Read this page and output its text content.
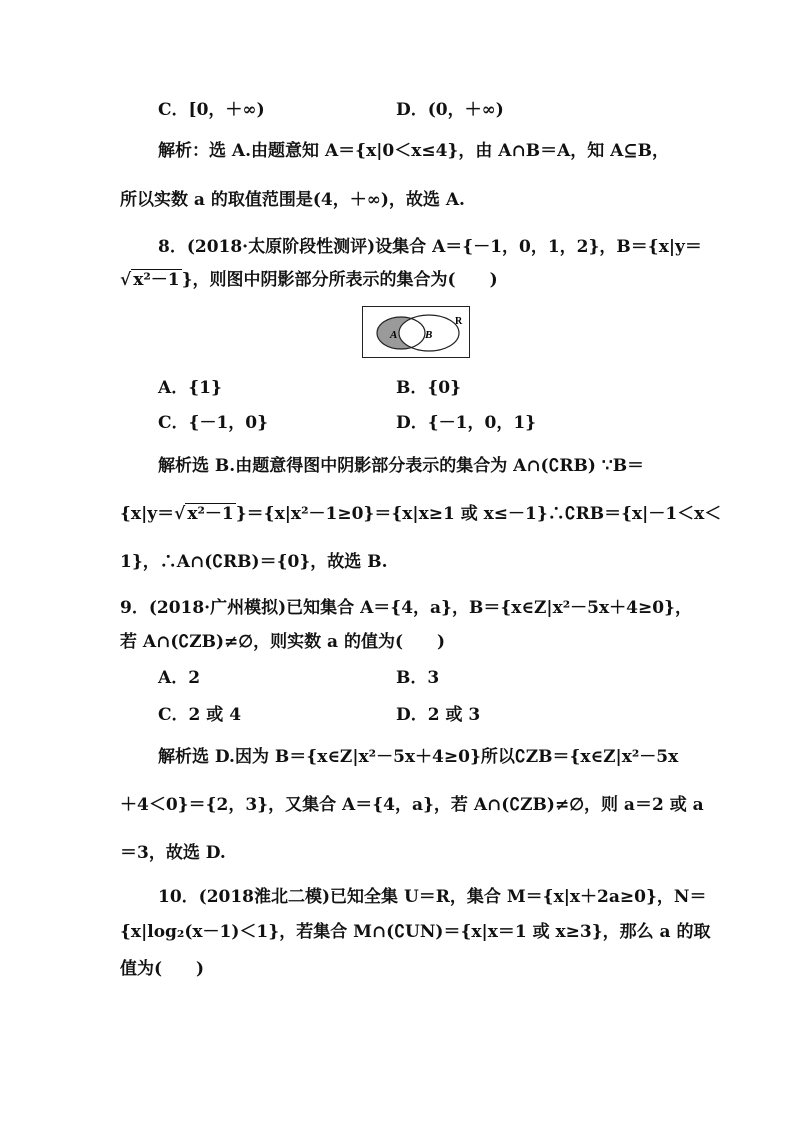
C．[0，＋∞)	D．(0，＋∞)
解析：选 A.由题意知 A＝{x|0＜x≤4}，由 A∩B＝A，知 A⊆B，
所以实数 a 的取值范围是(4，＋∞)，故选 A.
8．(2018·太原阶段性测评)设集合 A＝{－1，0，1，2}，B＝{x|y＝
√ x²－1 }，则图中阴影部分所表示的集合为(　　)
A	B
R
A．{1}	B．{0}
C．{－1，0}	D．{－1，0，1}
解析选 B.由题意得图中阴影部分表示的集合为 A∩(∁RB) ∵B＝
{x|y＝√ x²－1 }＝{x|x²－1≥0}＝{x|x≥1 或 x≤－1}∴∁RB＝{x|－1＜x＜
1}，∴A∩(∁RB)＝{0}，故选 B.
9．(2018·广州模拟)已知集合 A＝{4，a}，B＝{x∈Z|x²－5x＋4≥0}，
若 A∩(∁ZB)≠∅，则实数 a 的值为(　　)
A．2	B．3
C．2 或 4	D．2 或 3
解析选 D.因为 B＝{x∈Z|x²－5x＋4≥0}所以∁ZB＝{x∈Z|x²－5x
＋4＜0}＝{2，3}，又集合 A＝{4，a}，若 A∩(∁ZB)≠∅，则 a＝2 或 a
＝3，故选 D.
10．(2018淮北二模)已知全集 U＝R，集合 M＝{x|x＋2a≥0}，N＝
{x|log₂(x－1)＜1}，若集合 M∩(∁UN)＝{x|x＝1 或 x≥3}，那么 a 的取
值为(　　)
